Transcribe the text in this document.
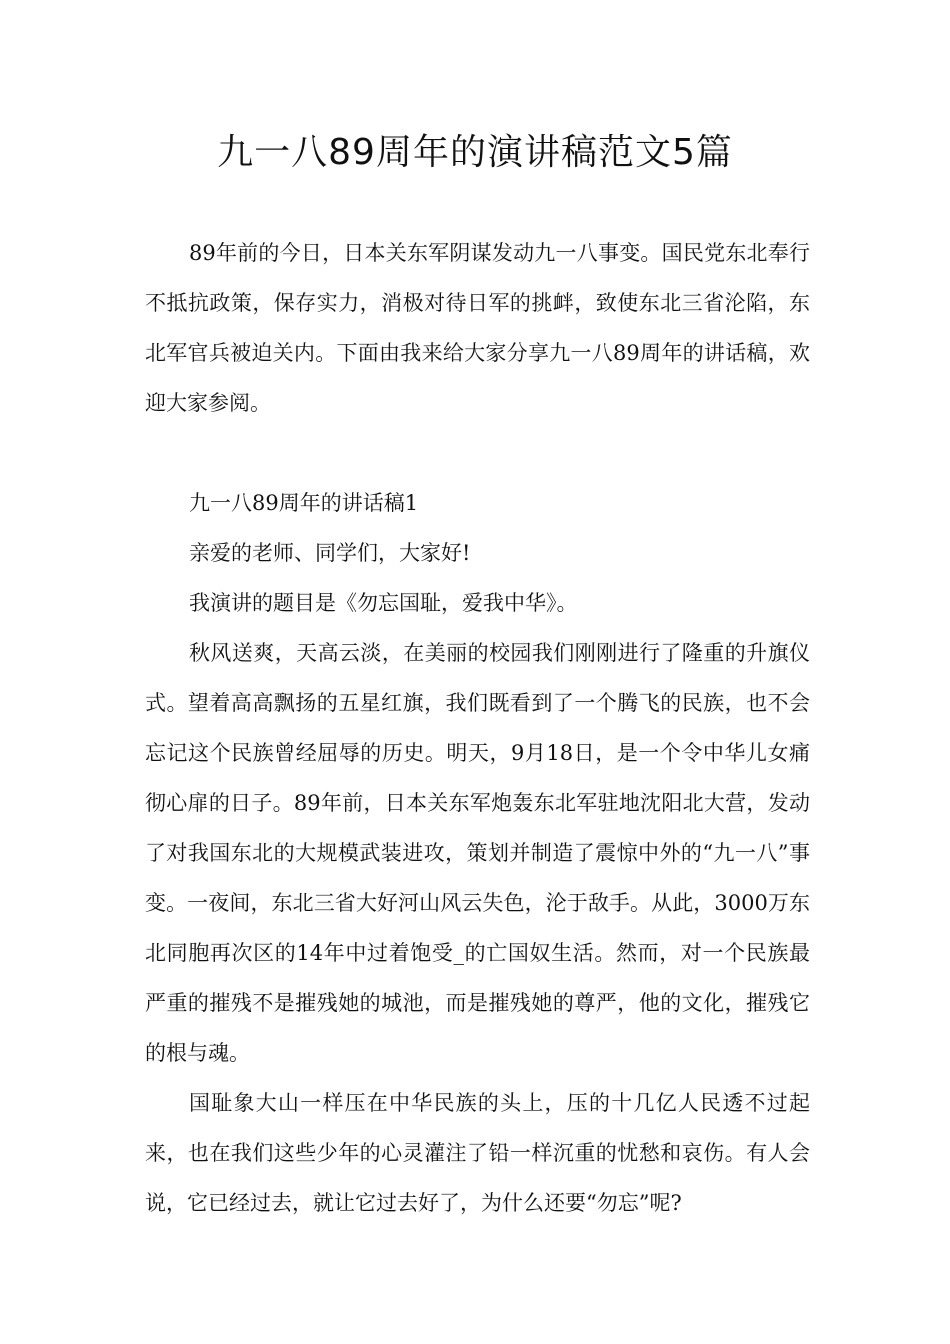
九一八89周年的演讲稿范文5篇

89年前的今日，日本关东军阴谋发动九一八事变。国民党东北奉行不抵抗政策，保存实力，消极对待日军的挑衅，致使东北三省沦陷，东北军官兵被迫关内。下面由我来给大家分享九一八89周年的讲话稿，欢迎大家参阅。

九一八89周年的讲话稿1

亲爱的老师、同学们，大家好!

我演讲的题目是《勿忘国耻，爱我中华》。

秋风送爽，天高云淡，在美丽的校园我们刚刚进行了隆重的升旗仪式。望着高高飘扬的五星红旗，我们既看到了一个腾飞的民族，也不会忘记这个民族曾经屈辱的历史。明天，9月18日，是一个令中华儿女痛彻心扉的日子。89年前，日本关东军炮轰东北军驻地沈阳北大营，发动了对我国东北的大规模武装进攻，策划并制造了震惊中外的“九一八”事变。一夜间，东北三省大好河山风云失色，沦于敌手。从此，3000万东北同胞再次区的14年中过着饱受_的亡国奴生活。然而，对一个民族最严重的摧残不是摧残她的城池，而是摧残她的尊严，他的文化，摧残它的根与魂。

国耻象大山一样压在中华民族的头上，压的十几亿人民透不过起来，也在我们这些少年的心灵灌注了铅一样沉重的忧愁和哀伤。有人会说，它已经过去，就让它过去好了，为什么还要“勿忘”呢?
